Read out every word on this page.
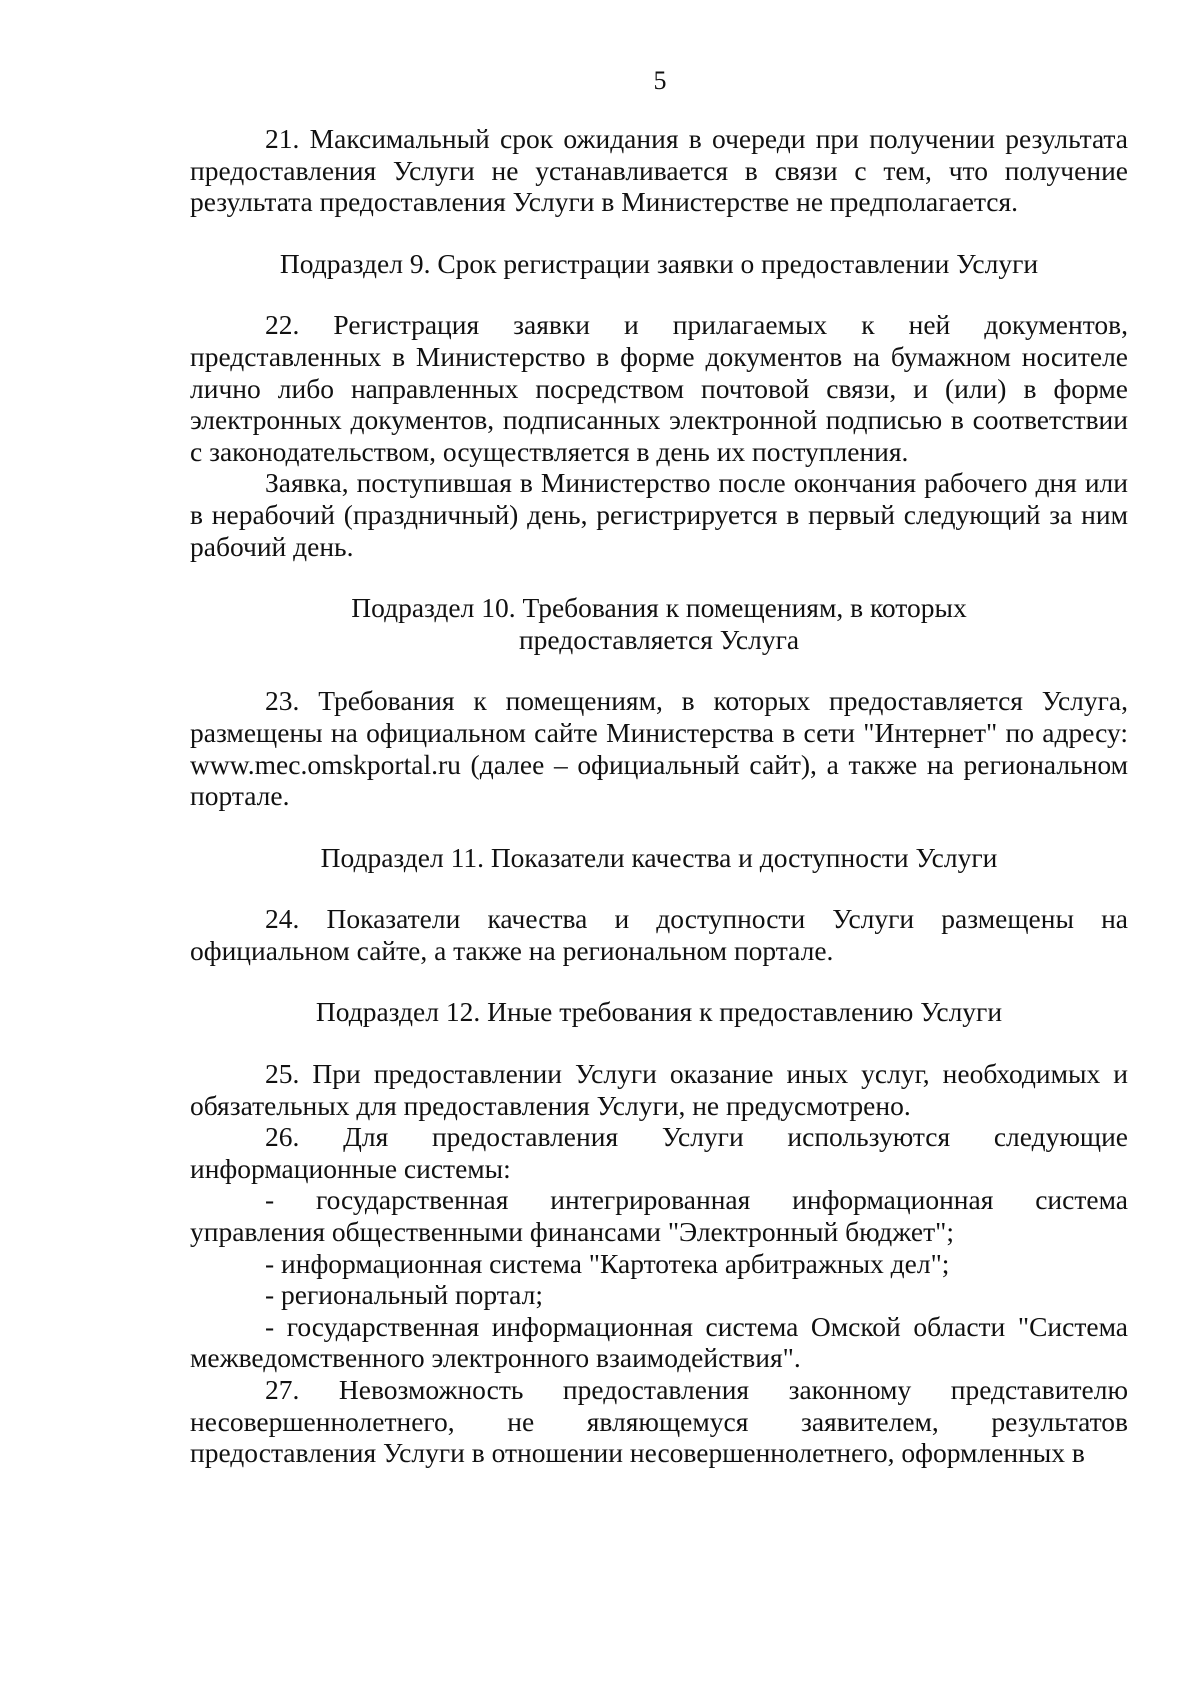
5

21. Максимальный срок ожидания в очереди при получении результата предоставления Услуги не устанавливается в связи с тем, что получение результата предоставления Услуги в Министерстве не предполагается.

Подраздел 9. Срок регистрации заявки о предоставлении Услуги

22. Регистрация заявки и прилагаемых к ней документов, представленных в Министерство в форме документов на бумажном носителе лично либо направленных посредством почтовой связи, и (или) в форме электронных документов, подписанных электронной подписью в соответствии с законодательством, осуществляется в день их поступления.

Заявка, поступившая в Министерство после окончания рабочего дня или в нерабочий (праздничный) день, регистрируется в первый следующий за ним рабочий день.

Подраздел 10. Требования к помещениям, в которых предоставляется Услуга

23. Требования к помещениям, в которых предоставляется Услуга, размещены на официальном сайте Министерства в сети "Интернет" по адресу: www.mec.omskportal.ru (далее – официальный сайт), а также на региональном портале.

Подраздел 11. Показатели качества и доступности Услуги

24. Показатели качества и доступности Услуги размещены на официальном сайте, а также на региональном портале.

Подраздел 12. Иные требования к предоставлению Услуги

25. При предоставлении Услуги оказание иных услуг, необходимых и обязательных для предоставления Услуги, не предусмотрено.

26. Для предоставления Услуги используются следующие информационные системы:

- государственная интегрированная информационная система управления общественными финансами "Электронный бюджет";

- информационная система "Картотека арбитражных дел";

- региональный портал;

- государственная информационная система Омской области "Система межведомственного электронного взаимодействия".

27. Невозможность предоставления законному представителю несовершеннолетнего, не являющемуся заявителем, результатов предоставления Услуги в отношении несовершеннолетнего, оформленных в
